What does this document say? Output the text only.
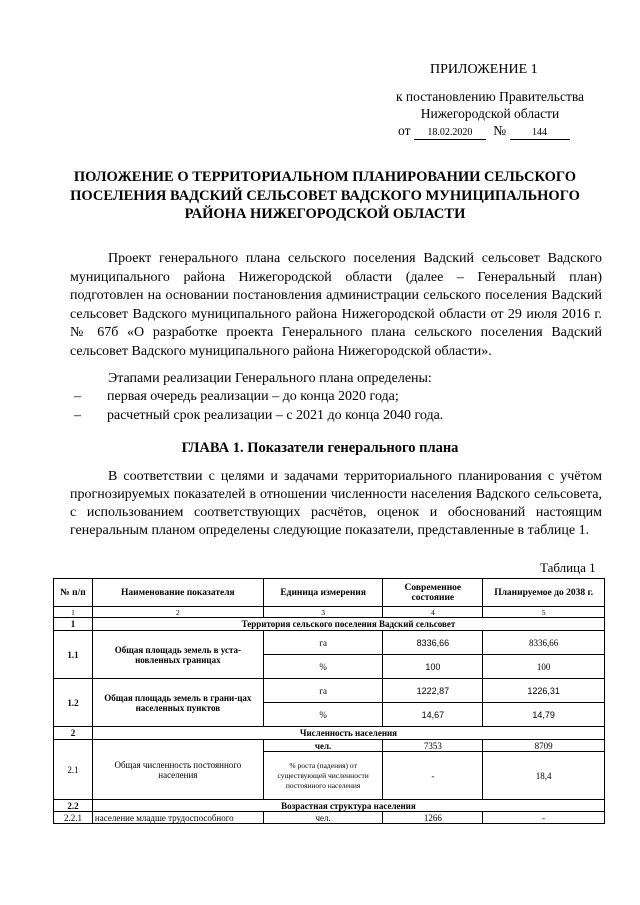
ПРИЛОЖЕНИЕ 1
к постановлению Правительства
Нижегородской области
от 18.02.2020 №	144
ПОЛОЖЕНИЕ О ТЕРРИТОРИАЛЬНОМ ПЛАНИРОВАНИИ СЕЛЬСКОГО ПОСЕЛЕНИЯ ВАДСКИЙ СЕЛЬСОВЕТ ВАДСКОГО МУНИЦИПАЛЬНОГО РАЙОНА НИЖЕГОРОДСКОЙ ОБЛАСТИ
Проект генерального плана сельского поселения Вадский сельсовет Вадского муниципального района Нижегородской области (далее – Генеральный план) подготовлен на основании постановления администрации сельского поселения Вадский сельсовет Вадского муниципального района Нижегородской области от 29 июля 2016 г. № 67б «О разработке проекта Генерального плана сельского поселения Вадский сельсовет Вадского муниципального района Нижегородской области».
Этапами реализации Генерального плана определены:
– первая очередь реализации – до конца 2020 года;
– расчетный срок реализации – с 2021 до конца 2040 года.
ГЛАВА 1. Показатели генерального плана
В соответствии с целями и задачами территориального планирования с учётом прогнозируемых показателей в отношении численности населения Вадского сельсовета, с использованием соответствующих расчётов, оценок и обоснований настоящим генеральным планом определены следующие показатели, представленные в таблице 1.
Таблица 1
№ п/п	Наименование показателя	Единица измерения	Современное состояние	Планируемое до 2038 г.
1	2	3	4	5
1	Территория сельского поселения Вадский сельсовет			
1.1	Общая площадь земель в уста-новленных границах	га	8336,66	8336,66
		%	100	100
1.2	Общая площадь земель в грани-цах населенных пунктов	га	1222,87	1226,31
		%	14,67	14,79
2	Численность населения			
2.1	Общая численность постоянного населения	чел.	7353	8709
		% роста (падения) от существующей численности постоянного населения	-	18,4
2.2	Возрастная структура населения			
2.2.1	население младше трудоспособного	чел.	1266	-
